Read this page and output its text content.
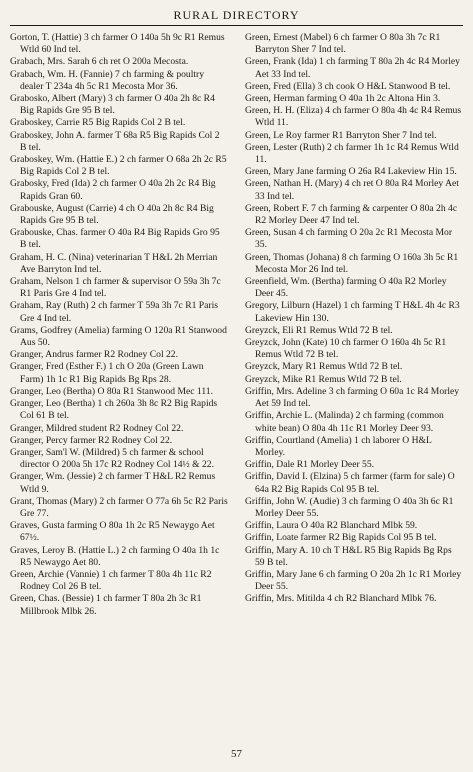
RURAL DIRECTORY
Gorton, T. (Hattie) 3 ch farmer O 140a 5h 9c R1 Remus Wtld 60 Ind tel.
Grabach, Mrs. Sarah 6 ch ret O 200a Mecosta.
Grabach, Wm. H. (Fannie) 7 ch farming & poultry dealer T 234a 4h 5c R1 Mecosta Mor 36.
Grabosko, Albert (Mary) 3 ch farmer O 40a 2h 8c R4 Big Rapids Gre 95 B tel.
Graboskey, Carrie R5 Big Rapids Col 2 B tel.
Graboskey, John A. farmer T 68a R5 Big Rapids Col 2 B tel.
Graboskey, Wm. (Hattie E.) 2 ch farmer O 68a 2h 2c R5 Big Rapids Col 2 B tel.
Grabosky, Fred (Ida) 2 ch farmer O 40a 2h 2c R4 Big Rapids Gran 60.
Grabouske, August (Carrie) 4 ch O 40a 2h 8c R4 Big Rapids Gre 95 B tel.
Grabouske, Chas. farmer O 40a R4 Big Rapids Gro 95 B tel.
Graham, H. C. (Nina) veterinarian T H&L 2h Merrian Ave Barryton Ind tel.
Graham, Nelson 1 ch farmer & supervisor O 59a 3h 7c R1 Paris Gre 4 Ind tel.
Graham, Ray (Ruth) 2 ch farmer T 59a 3h 7c R1 Paris Gre 4 Ind tel.
Grams, Godfrey (Amelia) farming O 120a R1 Stanwood Aus 50.
Granger, Andrus farmer R2 Rodney Col 22.
Granger, Fred (Esther F.) 1 ch O 20a (Green Lawn Farm) 1h 1c R1 Big Rapids Bg Rps 28.
Granger, Leo (Bertha) O 80a R1 Stanwood Mec 111.
Granger, Leo (Bertha) 1 ch 260a 3h 8c R2 Big Rapids Col 61 B tel.
Granger, Mildred student R2 Rodney Col 22.
Granger, Percy farmer R2 Rodney Col 22.
Granger, Sam'l W. (Mildred) 5 ch farmer & school director O 200a 5h 17c R2 Rodney Col 14½ & 22.
Granger, Wm. (Jessie) 2 ch farmer T H&L R2 Remus Wtld 9.
Grant, Thomas (Mary) 2 ch farmer O 77a 6h 5c R2 Paris Gre 77.
Graves, Gusta farming O 80a 1h 2c R5 Newaygo Aet 67½.
Graves, Leroy B. (Hattie L.) 2 ch farming O 40a 1h 1c R5 Newaygo Aet 80.
Green, Archie (Vannie) 1 ch farmer T 80a 4h 11c R2 Rodney Col 26 B tel.
Green, Chas. (Bessie) 1 ch farmer T 80a 2h 3c R1 Millbrook Mlbk 26.
Green, Ernest (Mabel) 6 ch farmer O 80a 3h 7c R1 Barryton Sher 7 Ind tel.
Green, Frank (Ida) 1 ch farming T 80a 2h 4c R4 Morley Aet 33 Ind tel.
Green, Fred (Ella) 3 ch cook O H&L Stanwood B tel.
Green, Herman farming O 40a 1h 2c Altona Hin 3.
Green, H. H. (Eliza) 4 ch farmer O 80a 4h 4c R4 Remus Wtld 11.
Green, Le Roy farmer R1 Barryton Sher 7 Ind tel.
Green, Lester (Ruth) 2 ch farmer 1h 1c R4 Remus Wtld 11.
Green, Mary Jane farming O 26a R4 Lakeview Hin 15.
Green, Nathan H. (Mary) 4 ch ret O 80a R4 Morley Aet 33 Ind tel.
Green, Robert F. 7 ch farming & carpenter O 80a 2h 4c R2 Morley Deer 47 Ind tel.
Green, Susan 4 ch farming O 20a 2c R1 Mecosta Mor 35.
Green, Thomas (Johana) 8 ch farming O 160a 3h 5c R1 Mecosta Mor 26 Ind tel.
Greenfield, Wm. (Bertha) farming O 40a R2 Morley Deer 45.
Gregory, Lilburn (Hazel) 1 ch farming T H&L 4h 4c R3 Lakeview Hin 130.
Greyzck, Eli R1 Remus Wtld 72 B tel.
Greyzck, John (Kate) 10 ch farmer O 160a 4h 5c R1 Remus Wtld 72 B tel.
Greyzck, Mary R1 Remus Wtld 72 B tel.
Greyzck, Mike R1 Remus Wtld 72 B tel.
Griffin, Mrs. Adeline 3 ch farming O 60a 1c R4 Morley Aet 59 Ind tel.
Griffin, Archie L. (Malinda) 2 ch farming (common white bean) O 80a 4h 11c R1 Morley Deer 93.
Griffin, Courtland (Amelia) 1 ch laborer O H&L Morley.
Griffin, Dale R1 Morley Deer 55.
Griffin, David I. (Elzina) 5 ch farmer (farm for sale) O 64a R2 Big Rapids Col 95 B tel.
Griffin, John W. (Audie) 3 ch farming O 40a 3h 6c R1 Morley Deer 55.
Griffin, Laura O 40a R2 Blanchard Mlbk 59.
Griffin, Loate farmer R2 Big Rapids Col 95 B tel.
Griffin, Mary A. 10 ch T H&L R5 Big Rapids Bg Rps 59 B tel.
Griffin, Mary Jane 6 ch farming O 20a 2h 1c R1 Morley Deer 55.
Griffin, Mrs. Mitilda 4 ch R2 Blanchard Mlbk 76.
57
